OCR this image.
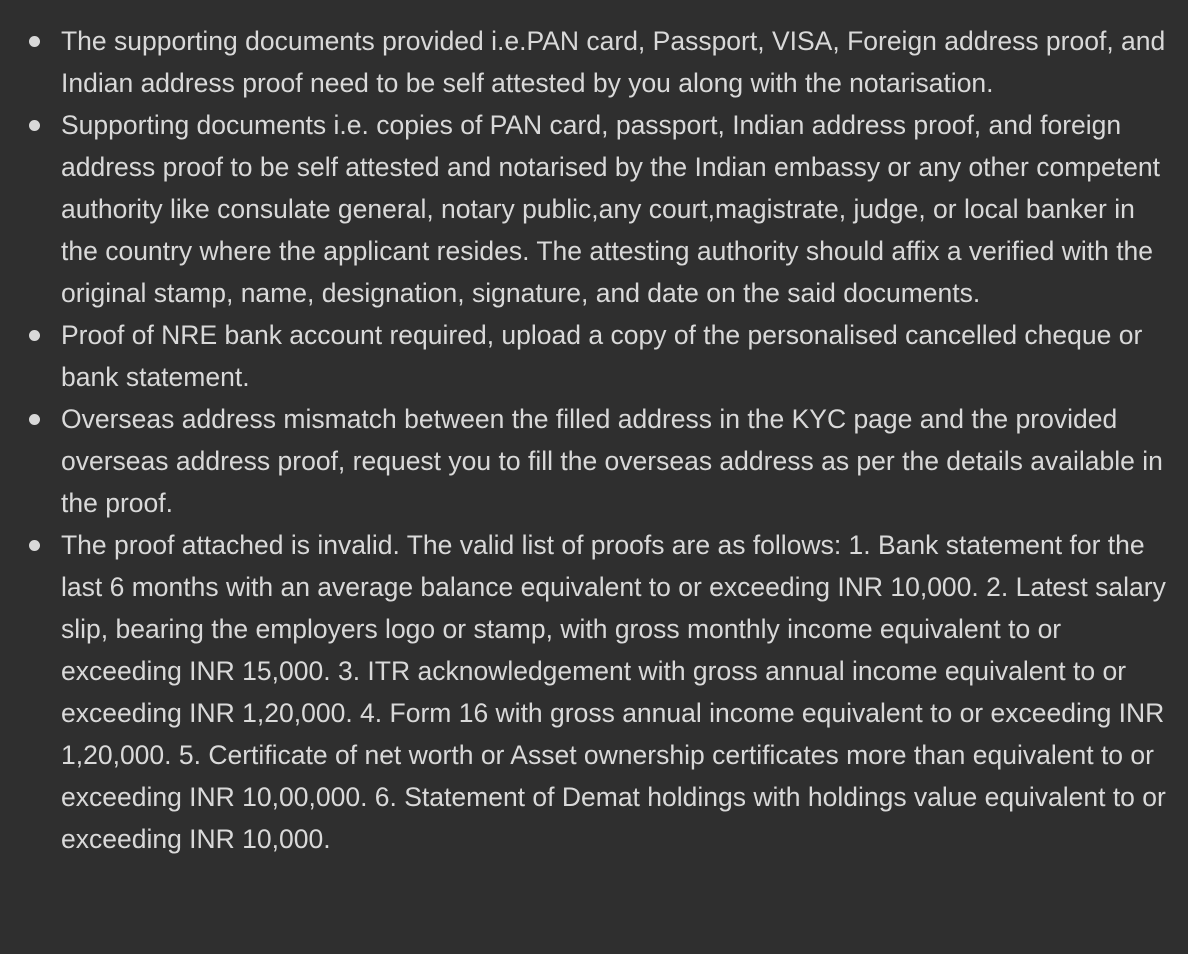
The supporting documents provided i.e.PAN card, Passport, VISA, Foreign address proof, and Indian address proof need to be self attested by you along with the notarisation.
Supporting documents i.e. copies of PAN card, passport, Indian address proof, and foreign address proof to be self attested and notarised by the Indian embassy or any other competent authority like consulate general, notary public,any court,magistrate, judge, or local banker in the country where the applicant resides. The attesting authority should affix a verified with the original stamp, name, designation, signature, and date on the said documents.
Proof of NRE bank account required, upload a copy of the personalised cancelled cheque or bank statement.
Overseas address mismatch between the filled address in the KYC page and the provided overseas address proof, request you to fill the overseas address as per the details available in the proof.
The proof attached is invalid. The valid list of proofs are as follows: 1. Bank statement for the last 6 months with an average balance equivalent to or exceeding INR 10,000. 2. Latest salary slip, bearing the employers logo or stamp, with gross monthly income equivalent to or exceeding INR 15,000. 3. ITR acknowledgement with gross annual income equivalent to or exceeding INR 1,20,000. 4. Form 16 with gross annual income equivalent to or exceeding INR 1,20,000. 5. Certificate of net worth or Asset ownership certificates more than equivalent to or exceeding INR 10,00,000. 6. Statement of Demat holdings with holdings value equivalent to or exceeding INR 10,000.
